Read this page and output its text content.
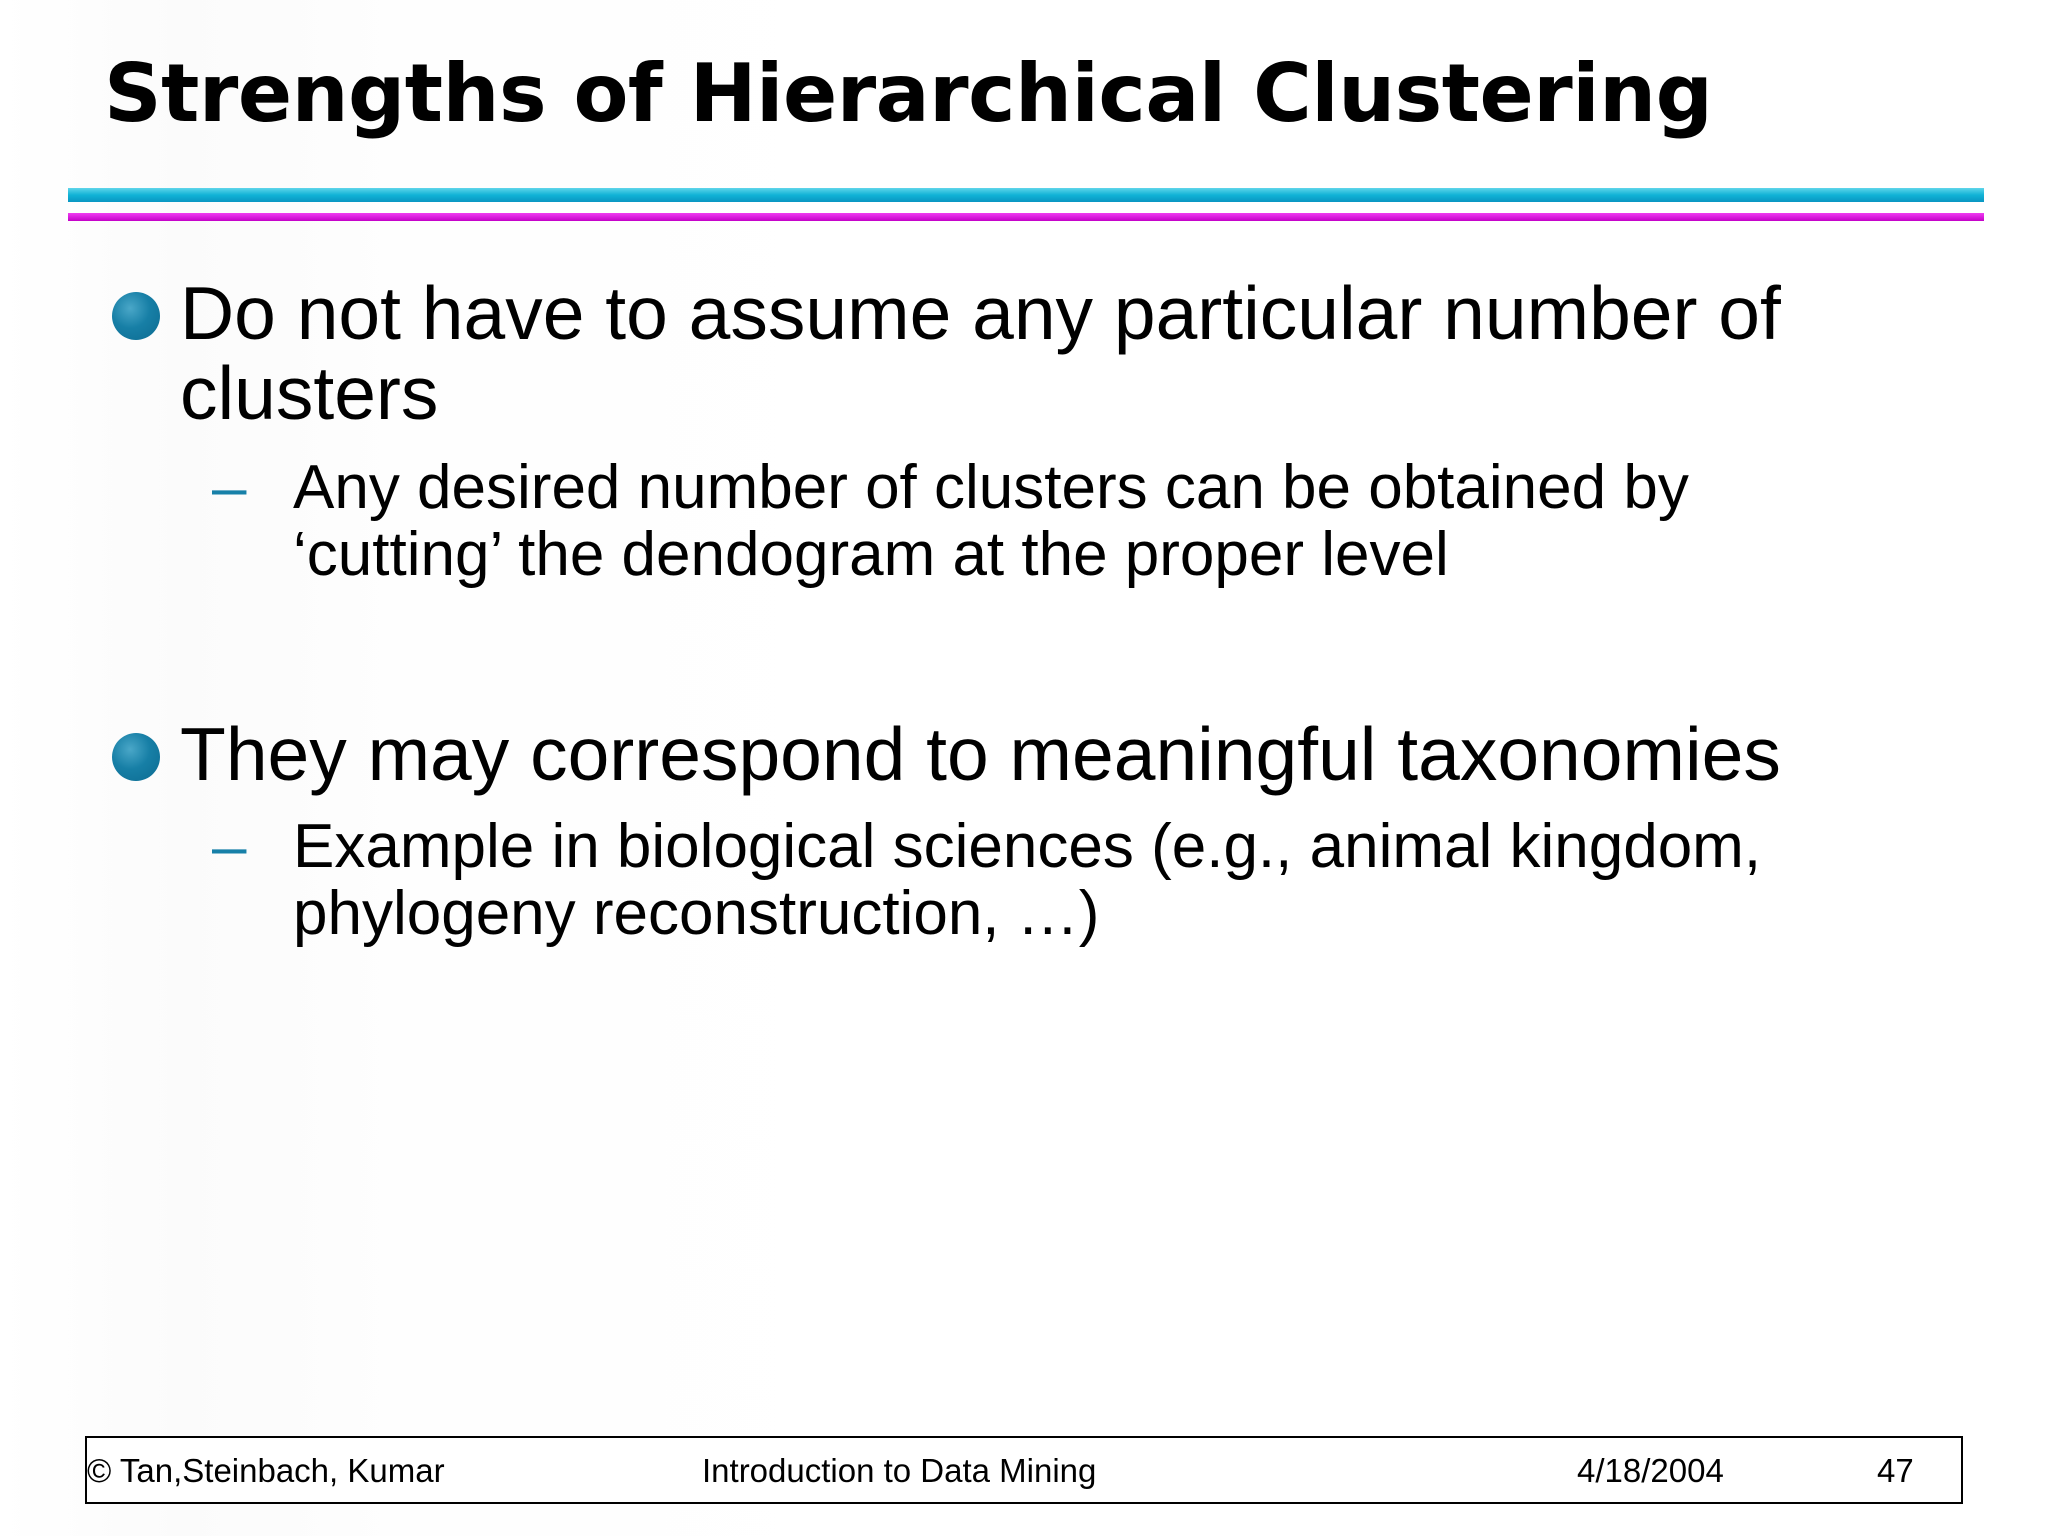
Strengths of Hierarchical Clustering
Do not have to assume any particular number of
clusters
– Any desired number of clusters can be obtained by
‘cutting’ the dendogram at the proper level
They may correspond to meaningful taxonomies
– Example in biological sciences (e.g., animal kingdom,
phylogeny reconstruction, …)
© Tan,Steinbach, Kumar	Introduction to Data Mining	4/18/2004	47
